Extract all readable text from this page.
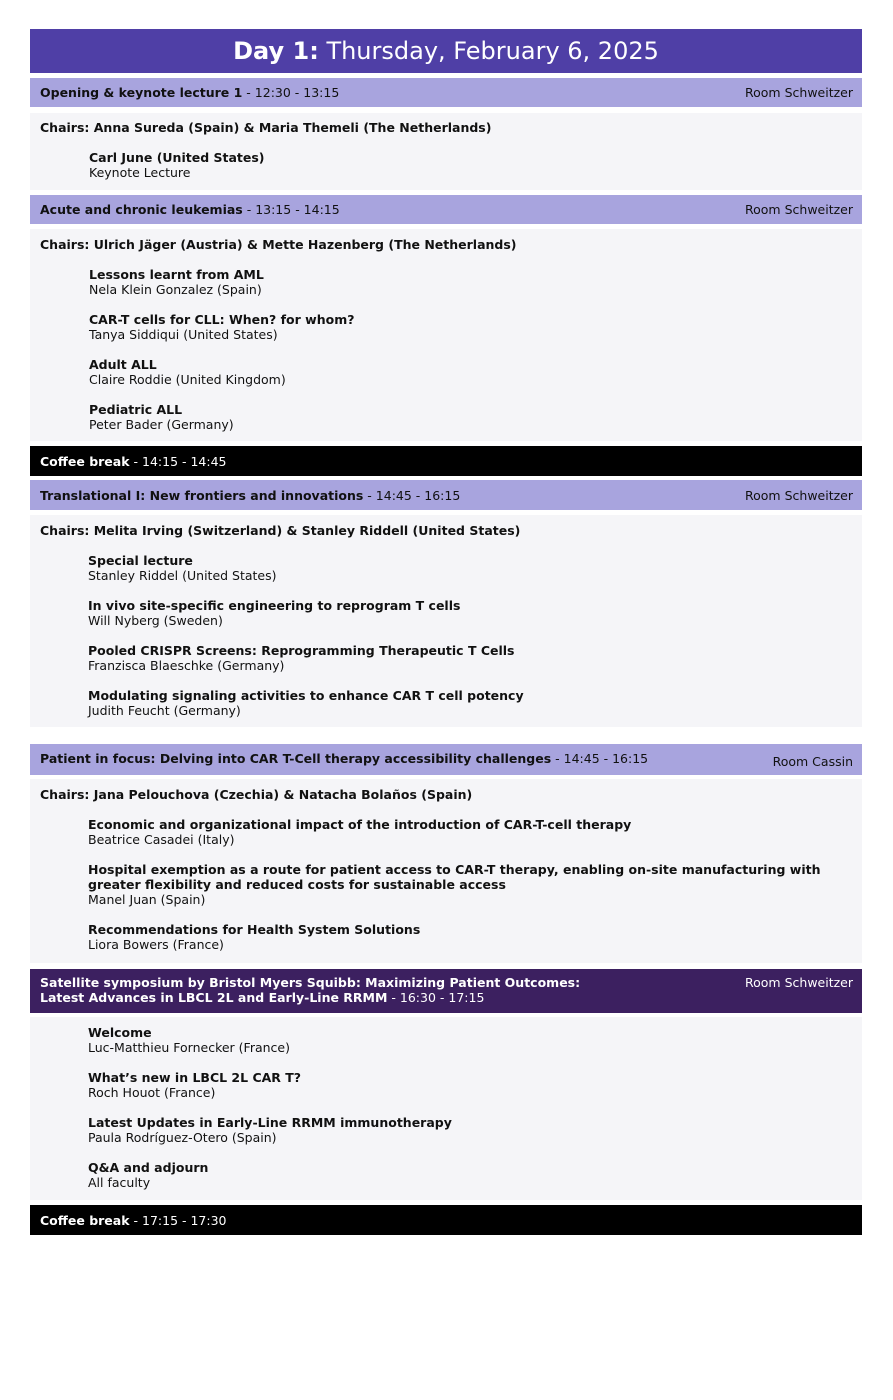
Day 1: Thursday, February 6, 2025
Opening & keynote lecture 1 - 12:30 - 13:15	Room Schweitzer
Chairs: Anna Sureda (Spain) & Maria Themeli (The Netherlands)
Carl June (United States)
Keynote Lecture
Acute and chronic leukemias - 13:15 - 14:15	Room Schweitzer
Chairs: Ulrich Jäger (Austria) & Mette Hazenberg (The Netherlands)
Lessons learnt from AML
Nela Klein Gonzalez (Spain)
CAR-T cells for CLL: When? for whom?
Tanya Siddiqui (United States)
Adult ALL
Claire Roddie (United Kingdom)
Pediatric ALL
Peter Bader (Germany)
Coffee break - 14:15 - 14:45
Translational I: New frontiers and innovations - 14:45 - 16:15	Room Schweitzer
Chairs: Melita Irving (Switzerland) & Stanley Riddell (United States)
Special lecture
Stanley Riddel (United States)
In vivo site-specific engineering to reprogram T cells
Will Nyberg (Sweden)
Pooled CRISPR Screens: Reprogramming Therapeutic T Cells
Franzisca Blaeschke (Germany)
Modulating signaling activities to enhance CAR T cell potency
Judith Feucht (Germany)
Patient in focus: Delving into CAR T-Cell therapy accessibility challenges - 14:45 - 16:15	Room Cassin
Chairs: Jana Pelouchova (Czechia) & Natacha Bolaños (Spain)
Economic and organizational impact of the introduction of CAR-T-cell therapy
Beatrice Casadei (Italy)
Hospital exemption as a route for patient access to CAR-T therapy, enabling on-site manufacturing with greater flexibility and reduced costs for sustainable access
Manel Juan (Spain)
Recommendations for Health System Solutions
Liora Bowers (France)
Satellite symposium by Bristol Myers Squibb: Maximizing Patient Outcomes:
Latest Advances in LBCL 2L and Early-Line RRMM - 16:30 - 17:15
Room Schweitzer
Welcome
Luc-Matthieu Fornecker (France)
What’s new in LBCL 2L CAR T?
Roch Houot (France)
Latest Updates in Early-Line RRMM immunotherapy
Paula Rodríguez-Otero (Spain)
Q&A and adjourn
All faculty
Coffee break - 17:15 - 17:30
